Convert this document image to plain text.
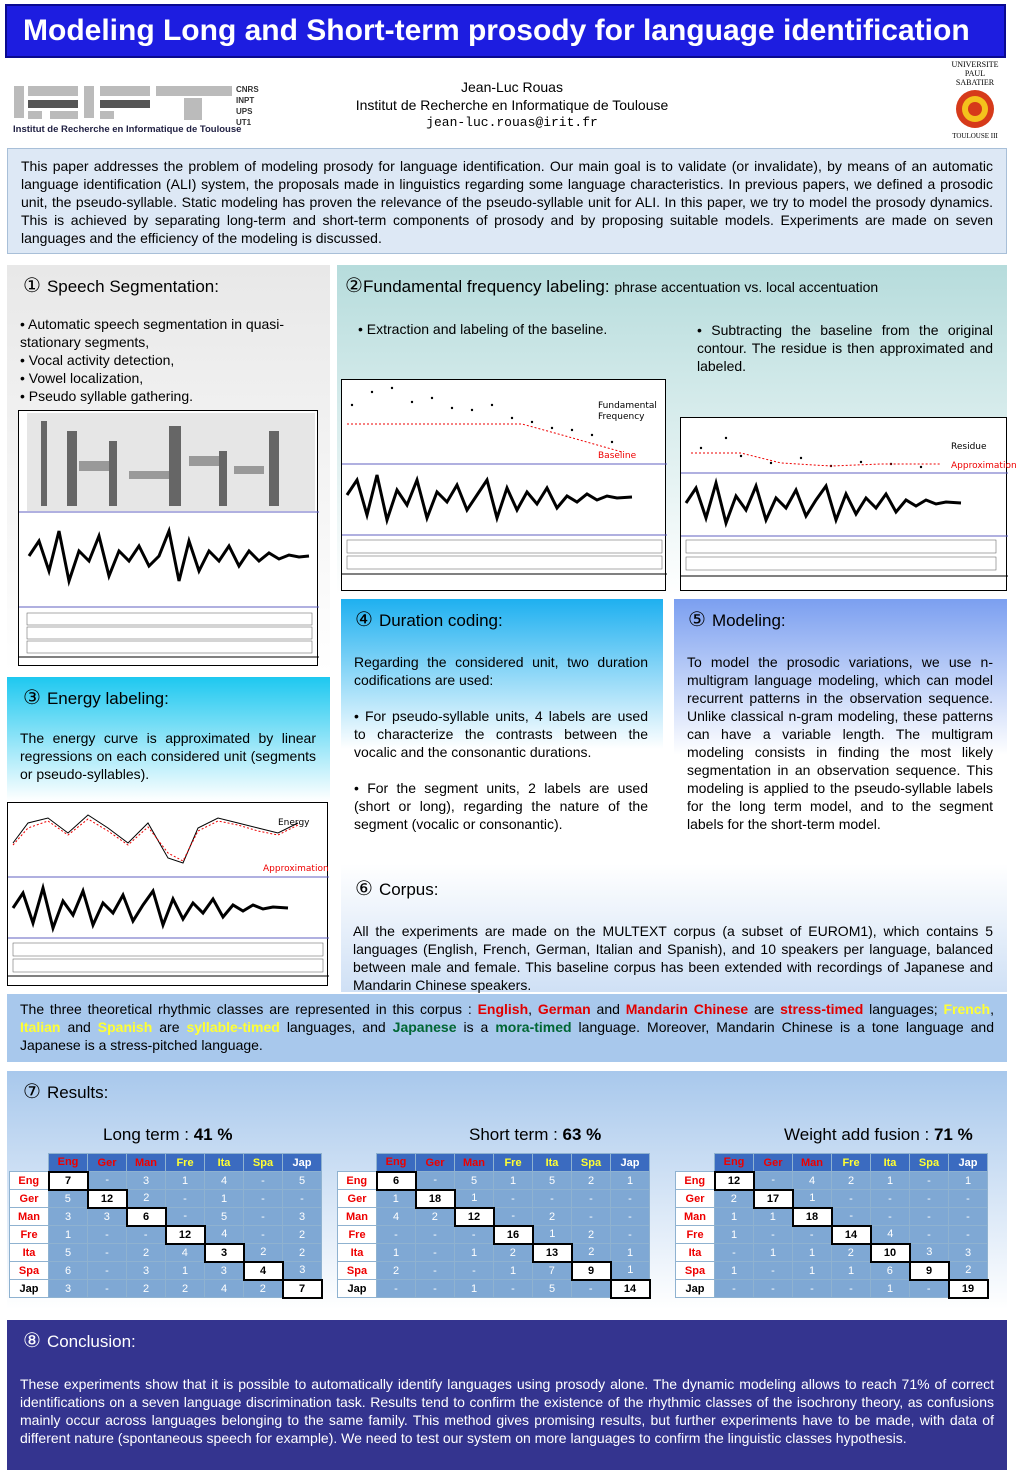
Modeling Long and Short-term prosody for language identification
CNRS
INPT
UPS
UT1
Institut de Recherche en Informatique de Toulouse
Jean-Luc Rouas
Institut de Recherche en Informatique de Toulouse
jean-luc.rouas@irit.fr
UNIVERSITE PAUL SABATIER
TOULOUSE III

This paper addresses the problem of modeling prosody for language identification. Our main goal is to validate (or invalidate), by means of an automatic language identification (ALI) system, the proposals made in linguistics regarding some language characteristics. In previous papers, we defined a prosodic unit, the pseudo-syllable. Static modeling has proven the relevance of the pseudo-syllable unit for ALI. In this paper, we try to model the prosody dynamics. This is achieved by separating long-term and short-term components of prosody and by proposing suitable models. Experiments are made on seven languages and the efficiency of the modeling is discussed.

① Speech Segmentation:
• Automatic speech segmentation in quasi-stationary segments,
• Vocal activity detection,
• Vowel localization,
• Pseudo syllable gathering.
②Fundamental frequency labeling: phrase accentuation vs. local accentuation
• Extraction and labeling of the baseline.	• Subtracting the baseline from the original contour. The residue is then approximated and labeled.

Fundamental
Frequency
Baseline
Residue
Approximation
③ Energy labeling:

The energy curve is approximated by linear regressions on each considered unit (segments or pseudo-syllables).

Energy
Approximation
④ Duration coding:

Regarding the considered unit, two duration codifications are used:

• For pseudo-syllable units, 4 labels are used to characterize the contrasts between the vocalic and the consonantic durations.

• For the segment units, 2 labels are used (short or long), regarding the nature of the segment (vocalic or consonantic).

⑤ Modeling:

To model the prosodic variations, we use n-multigram language modeling, which can model recurrent patterns in the observation sequence. Unlike classical n-gram modeling, these patterns can have a variable length. The multigram modeling consists in finding the most likely segmentation in an observation sequence. This modeling is applied to the pseudo-syllable labels for the long term model, and to the segment labels for the short-term model.

⑥ Corpus:

All the experiments are made on the MULTEXT corpus (a subset of EUROM1), which contains 5 languages (English, French, German, Italian and Spanish), and 10 speakers per language, balanced between male and female. This baseline corpus has been extended with recordings of Japanese and Mandarin Chinese speakers.

The three theoretical rhythmic classes are represented in this corpus : English, German and Mandarin Chinese are stress-timed languages; French, Italian and Spanish are syllable-timed languages, and Japanese is a mora-timed language. Moreover, Mandarin Chinese is a tone language and Japanese is a stress-pitched language.

⑦ Results:
Long term : 41 %	Short term : 63 %	Weight add fusion : 71 %
	Eng	Ger	Man	Fre	Ita	Spa	Jap
Eng	7	-	3	1	4	-	5
Ger	5	12	2	-	1	-	-
Man	3	3	6	-	5	-	3
Fre	1	-	-	12	4	-	2
Ita	5	-	2	4	3	2	2
Spa	6	-	3	1	3	4	3
Jap	3	-	2	2	4	2	7
	Eng	Ger	Man	Fre	Ita	Spa	Jap
Eng	6	-	5	1	5	2	1
Ger	1	18	1	-	-	-	-
Man	4	2	12	-	2	-	-
Fre	-	-	-	16	1	2	-
Ita	1	-	1	2	13	2	1
Spa	2	-	-	1	7	9	1
Jap	-	-	1	-	5	-	14
	Eng	Ger	Man	Fre	Ita	Spa	Jap
Eng	12	-	4	2	1	-	1
Ger	2	17	1	-	-	-	-
Man	1	1	18	-	-	-	-
Fre	1	-	-	14	4	-	-
Ita	-	1	1	2	10	3	3
Spa	1	-	1	1	6	9	2
Jap	-	-	-	-	1	-	19
⑧ Conclusion:

These experiments show that it is possible to automatically identify languages using prosody alone. The dynamic modeling allows to reach 71% of correct identifications on a seven language discrimination task. Results tend to confirm the existence of the rhythmic classes of the isochrony theory, as confusions mainly occur across languages belonging to the same family. This method gives promising results, but further experiments have to be made, with data of different nature (spontaneous speech for example). We need to test our system on more languages to confirm the linguistic classes hypothesis.
